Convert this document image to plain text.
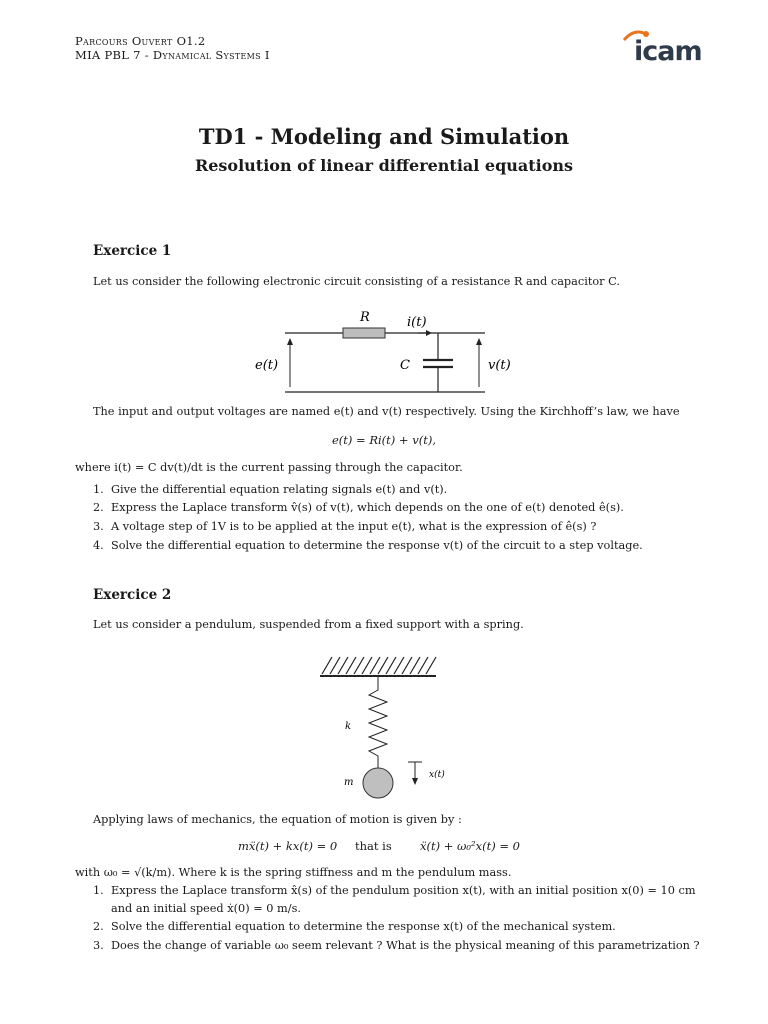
Parcours Ouvert O1.2
MIA PBL 7 - Dynamical Systems I	icam
TD1 - Modeling and Simulation
Resolution of linear differential equations
Exercice 1
Let us consider the following electronic circuit consisting of a resistance R and capacitor C.
R	i(t)
e(t)	C	v(t)
The input and output voltages are named e(t) and v(t) respectively. Using the Kirchhoff’s law, we have
e(t) = Ri(t) + v(t),
where i(t) = C dv(t)/dt is the current passing through the capacitor.
1. Give the differential equation relating signals e(t) and v(t).
2. Express the Laplace transform v̂(s) of v(t), which depends on the one of e(t) denoted ê(s).
3. A voltage step of 1V is to be applied at the input e(t), what is the expression of ê(s) ?
4. Solve the differential equation to determine the response v(t) of the circuit to a step voltage.
Exercice 2
Let us consider a pendulum, suspended from a fixed support with a spring.
k
m
x(t)
Applying laws of mechanics, the equation of motion is given by :
mẍ(t) + kx(t) = 0 that is ẍ(t) + ω₀²x(t) = 0
with ω₀ = √(k/m). Where k is the spring stiffness and m the pendulum mass.
1. Express the Laplace transform x̂(s) of the pendulum position x(t), with an initial position x(0) = 10 cm
and an initial speed ẋ(0) = 0 m/s.
2. Solve the differential equation to determine the response x(t) of the mechanical system.
3. Does the change of variable ω₀ seem relevant ? What is the physical meaning of this parametrization ?
